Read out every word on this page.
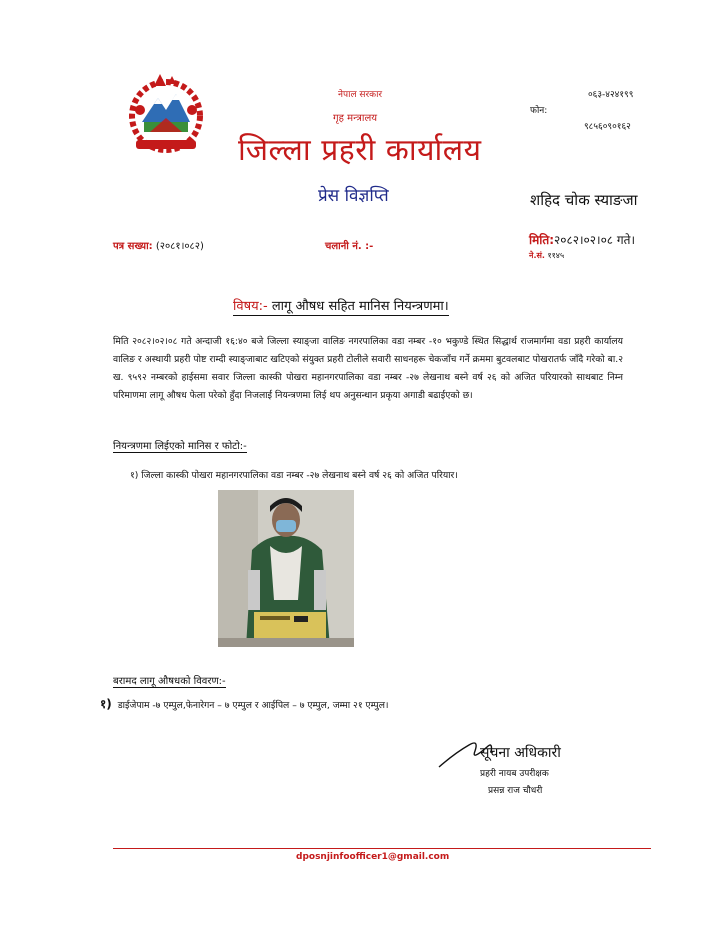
नेपाल सरकार
गृह मन्त्रालय
जिल्ला प्रहरी कार्यालय
प्रेस विज्ञप्ति
०६३-४२४१९९
फोन:
९८५६०९०१६२
शहिद चोक स्याङजा
पत्र सख्या: (२०८१।०८२)	चलानी नं. :-	मिति:२०८२।०२।०८ गते।
ने.सं. ११४५
विषय:- लागू औषध सहित मानिस नियन्त्रणमा।
मिति २०८२।०२।०८ गते अन्दाजी १६:४० बजे जिल्ला स्याङ्जा वालिङ नगरपालिका वडा नम्बर -१० भकुण्डे स्थित सिद्धार्थ राजमार्गमा वडा प्रहरी कार्यालय वालिङ र अस्थायी प्रहरी पोष्ट राम्दी स्याङ्जाबाट खटिएको संयुक्त प्रहरी टोलीले सवारी साधनहरू चेकजाँच गर्ने क्रममा बुटवलबाट पोखरातर्फ जाँदै गरेको बा.२ ख. ९५९२ नम्बरको हाईसमा सवार जिल्ला कास्की पोखरा महानगरपालिका वडा नम्बर -२७ लेखनाथ बस्ने वर्ष २६ को अजित परियारको साथबाट निम्न परिमाणमा लागू औषध फेला परेको हुँदा निजलाई नियन्त्रणमा लिई थप अनुसन्धान प्रकृया अगाडी बढाईएको छ।
नियन्त्रणमा लिईएको मानिस र फोटो:-
१) जिल्ला कास्की पोखरा महानगरपालिका वडा नम्बर -२७ लेखनाथ बस्ने वर्ष २६ को अजित परियार।
बरामद लागू औषधको विवरण:-
१) डाईजेपाम -७ एम्पुल,फेनारेगन – ७ एम्पुल र आईपिल – ७ एम्पुल, जम्मा २१ एम्पुल।
सूचना अधिकारी
प्रहरी नायब उपरीक्षक
प्रसन्न राज चौधरी
dposnjinfoofficer1@gmail.com
